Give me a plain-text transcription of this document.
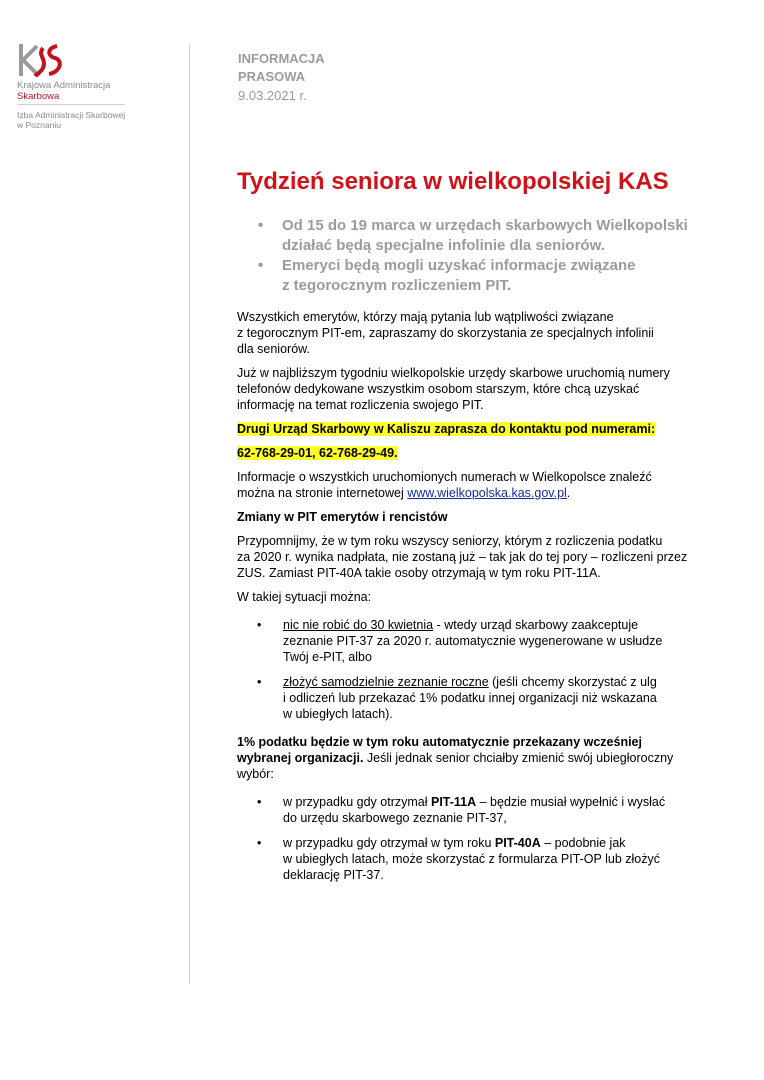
Krajowa Administracja
Skarbowa
Izba Administracji Skarbowej
w Poznaniu
INFORMACJA
PRASOWA
9.03.2021 r.
Tydzień seniora w wielkopolskiej KAS
• Od 15 do 19 marca w urzędach skarbowych Wielkopolski
działać będą specjalne infolinie dla seniorów.
• Emeryci będą mogli uzyskać informacje związane
z tegorocznym rozliczeniem PIT.

Wszystkich emerytów, którzy mają pytania lub wątpliwości związane
z tegorocznym PIT-em, zapraszamy do skorzystania ze specjalnych infolinii
dla seniorów.

Już w najbliższym tygodniu wielkopolskie urzędy skarbowe uruchomią numery
telefonów dedykowane wszystkim osobom starszym, które chcą uzyskać
informację na temat rozliczenia swojego PIT.

Drugi Urząd Skarbowy w Kaliszu zaprasza do kontaktu pod numerami:

62-768-29-01, 62-768-29-49.

Informacje o wszystkich uruchomionych numerach w Wielkopolsce znaleźć
można na stronie internetowej www.wielkopolska.kas.gov.pl.

Zmiany w PIT emerytów i rencistów

Przypomnijmy, że w tym roku wszyscy seniorzy, którym z rozliczenia podatku
za 2020 r. wynika nadpłata, nie zostaną już – tak jak do tej pory – rozliczeni przez
ZUS. Zamiast PIT-40A takie osoby otrzymają w tym roku PIT-11A.

W takiej sytuacji można:

• nic nie robić do 30 kwietnia - wtedy urząd skarbowy zaakceptuje
zeznanie PIT-37 za 2020 r. automatycznie wygenerowane w usłudze
Twój e-PIT, albo
• złożyć samodzielnie zeznanie roczne (jeśli chcemy skorzystać z ulg
i odliczeń lub przekazać 1% podatku innej organizacji niż wskazana
w ubiegłych latach).

1% podatku będzie w tym roku automatycznie przekazany wcześniej
wybranej organizacji. Jeśli jednak senior chciałby zmienić swój ubiegłoroczny
wybór:

• w przypadku gdy otrzymał PIT-11A – będzie musiał wypełnić i wysłać
do urzędu skarbowego zeznanie PIT-37,
• w przypadku gdy otrzymał w tym roku PIT-40A – podobnie jak
w ubiegłych latach, może skorzystać z formularza PIT-OP lub złożyć
deklarację PIT-37.
